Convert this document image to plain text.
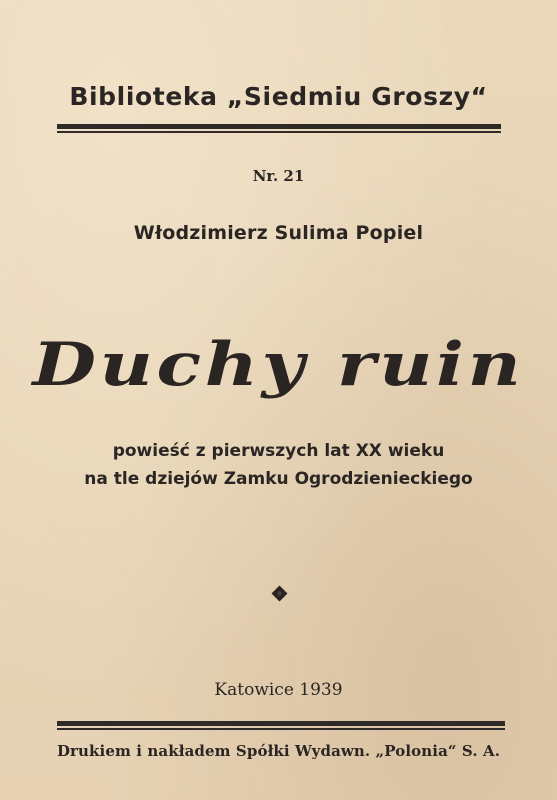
Biblioteka „Siedmiu Groszy“
Nr. 21
Włodzimierz Sulima Popiel
Duchy ruin
powieść z pierwszych lat XX wieku
na tle dziejów Zamku Ogrodzienieckiego
Katowice 1939
Drukiem i nakładem Spółki Wydawn. „Polonia“ S. A.
